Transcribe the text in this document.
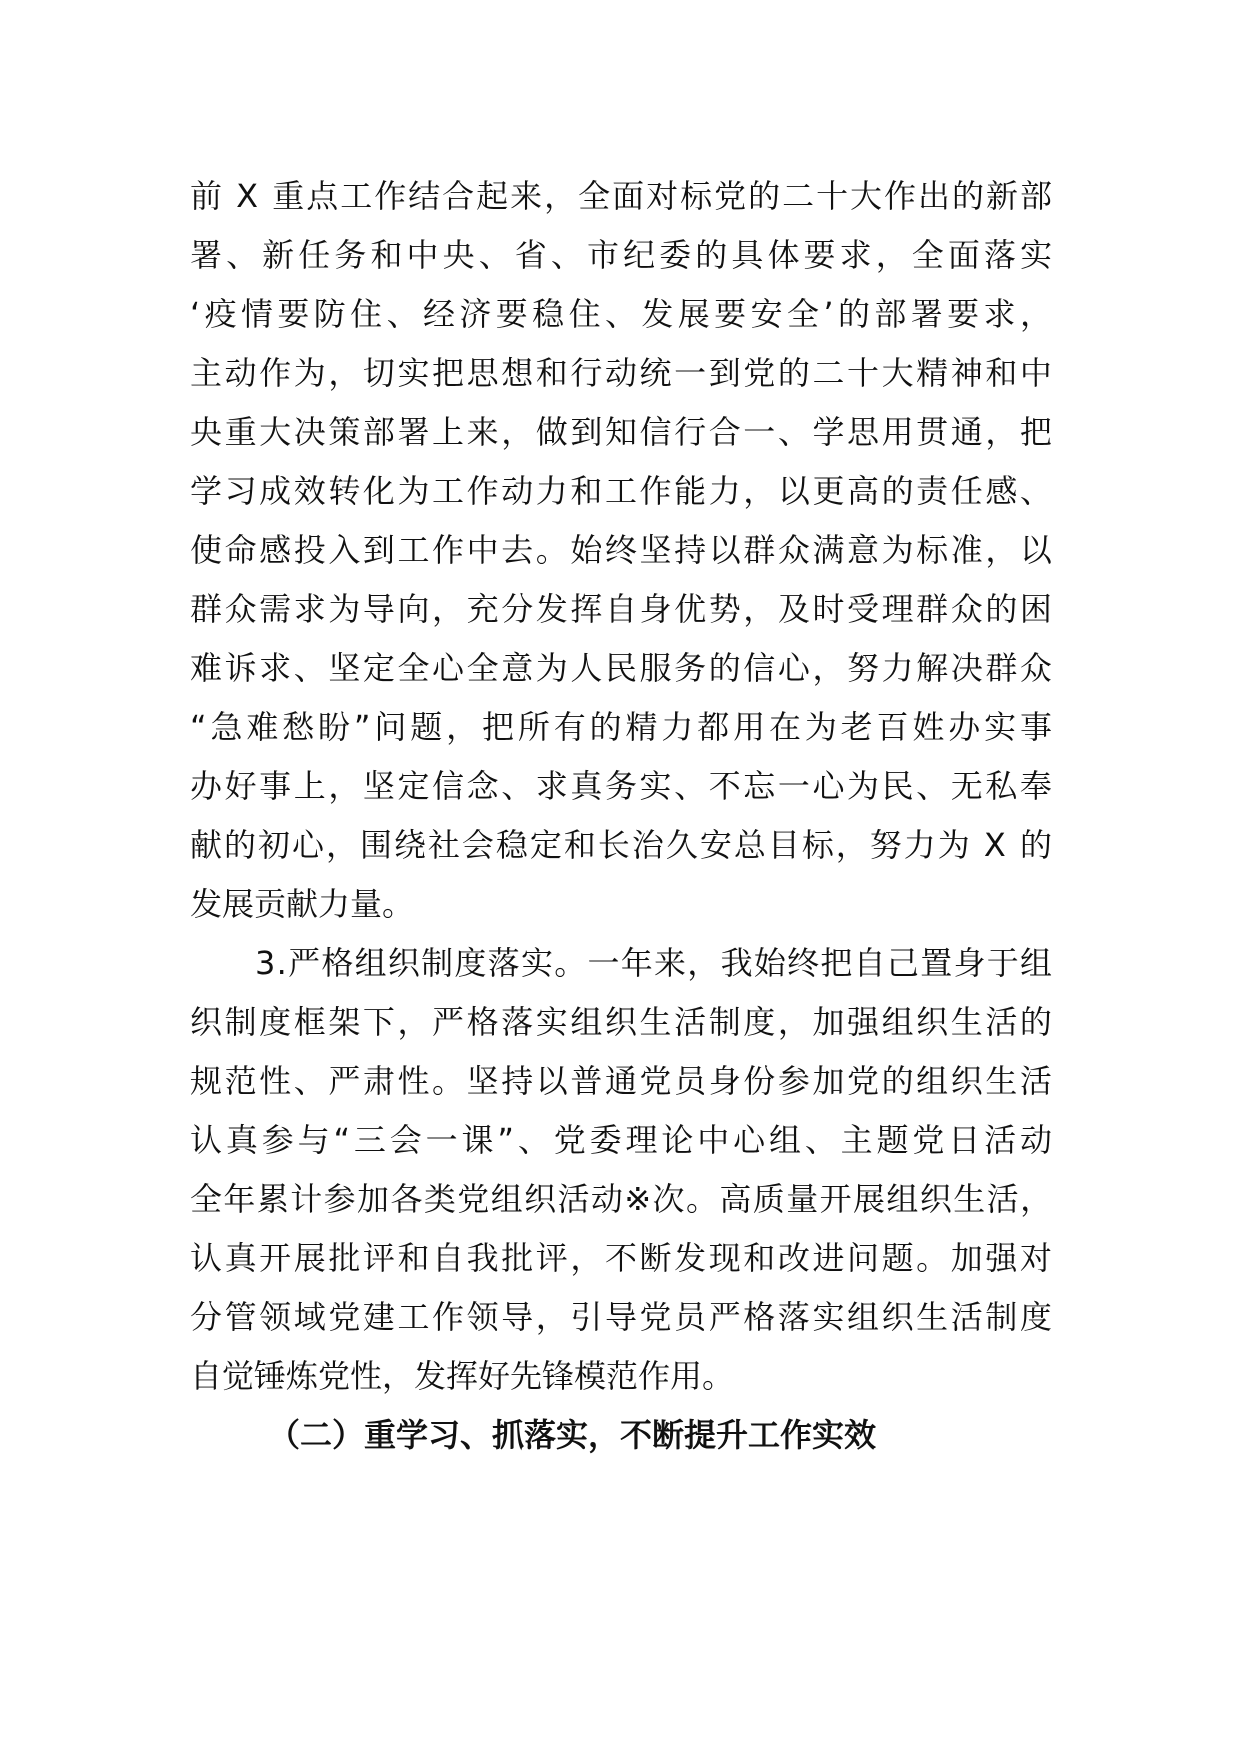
前 X 重点工作结合起来，全面对标党的二十大作出的新部
署、新任务和中央、省、市纪委的具体要求，全面落实
‘疫情要防住、经济要稳住、发展要安全’的部署要求，
主动作为，切实把思想和行动统一到党的二十大精神和中
央重大决策部署上来，做到知信行合一、学思用贯通，把
学习成效转化为工作动力和工作能力，以更高的责任感、
使命感投入到工作中去。始终坚持以群众满意为标准，以
群众需求为导向，充分发挥自身优势，及时受理群众的困
难诉求、坚定全心全意为人民服务的信心，努力解决群众
“急难愁盼”问题，把所有的精力都用在为老百姓办实事
办好事上，坚定信念、求真务实、不忘一心为民、无私奉
献的初心，围绕社会稳定和长治久安总目标，努力为 X 的
发展贡献力量。
3.严格组织制度落实。一年来，我始终把自己置身于组
织制度框架下，严格落实组织生活制度，加强组织生活的
规范性、严肃性。坚持以普通党员身份参加党的组织生活
认真参与“三会一课”、党委理论中心组、主题党日活动
全年累计参加各类党组织活动※次。高质量开展组织生活，
认真开展批评和自我批评，不断发现和改进问题。加强对
分管领域党建工作领导，引导党员严格落实组织生活制度
自觉锤炼党性，发挥好先锋模范作用。
（二）重学习、抓落实，不断提升工作实效
